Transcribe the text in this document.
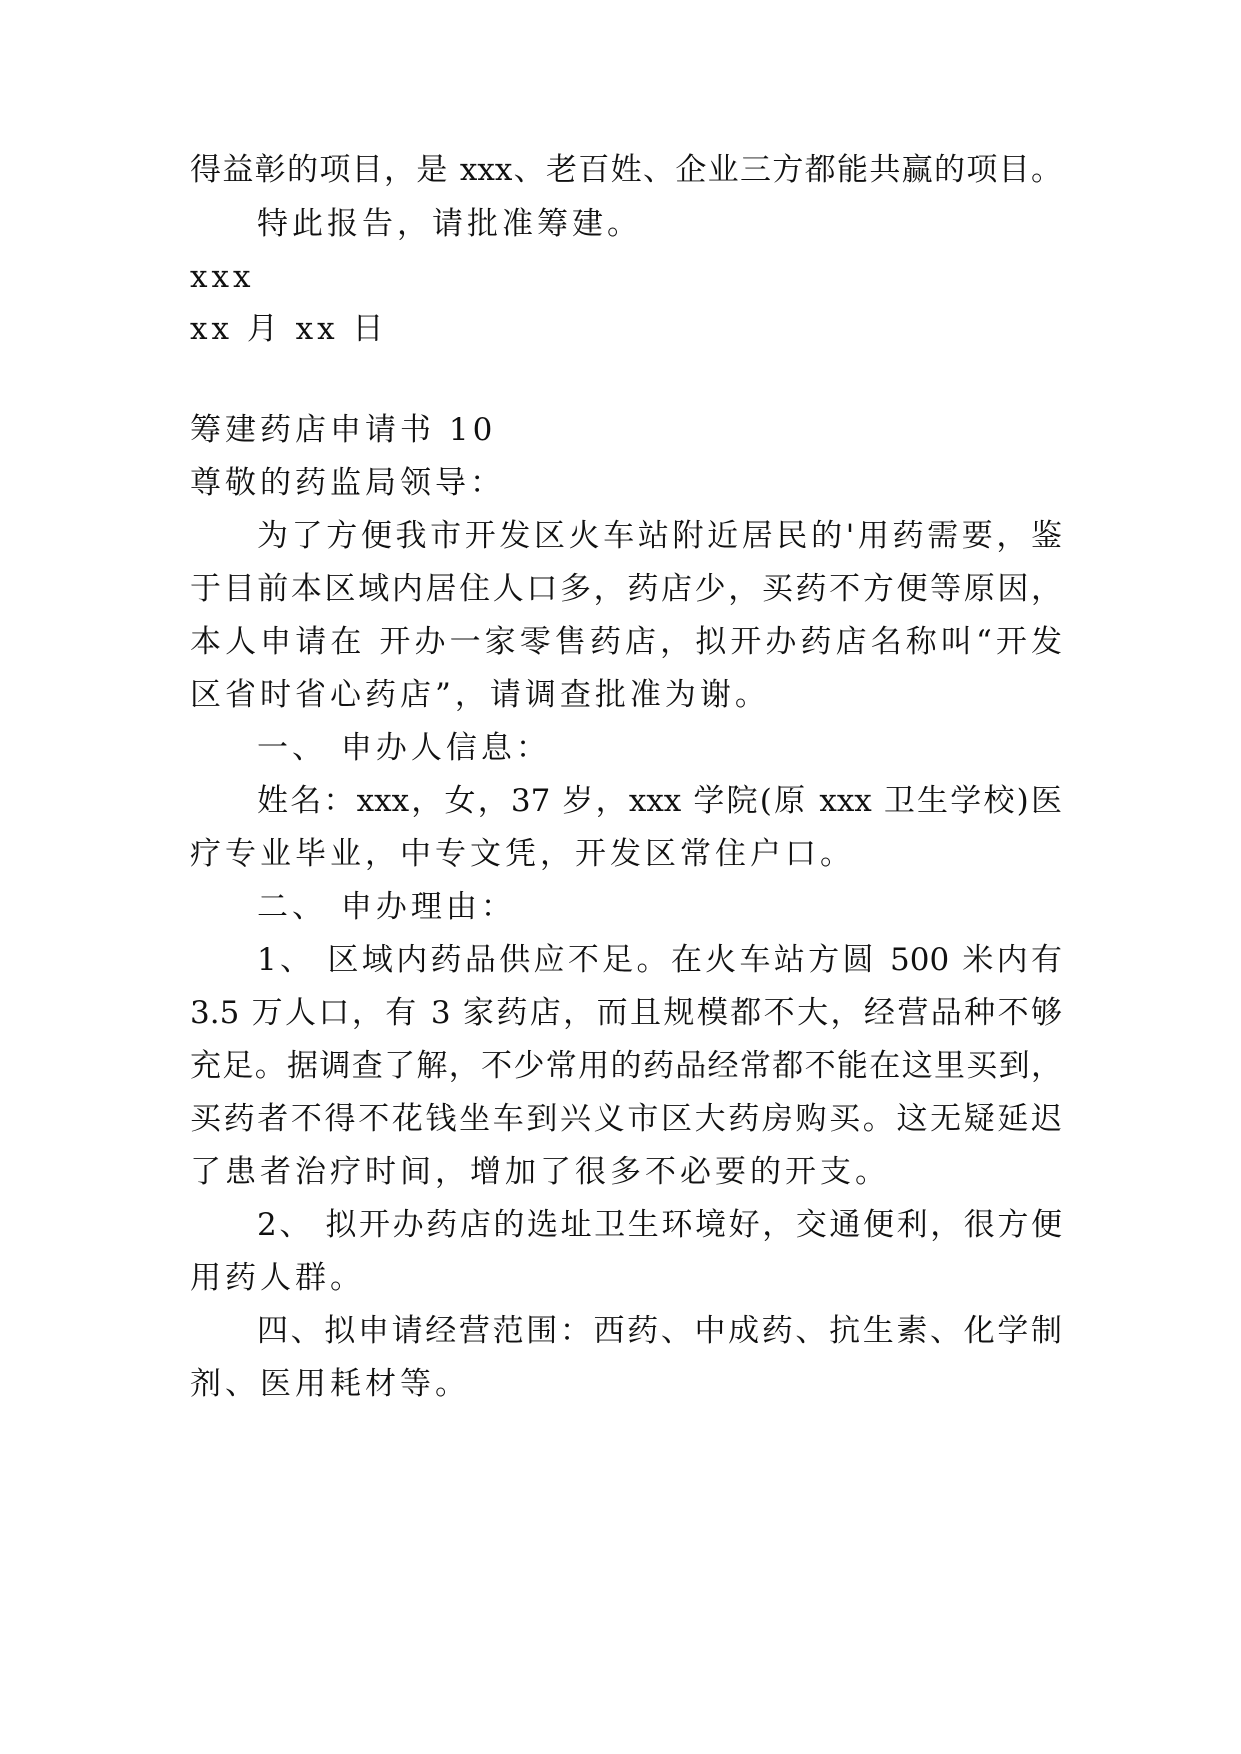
得益彰的项目，是 xxx、老百姓、企业三方都能共赢的项目。
特此报告，请批准筹建。
xxx
xx 月 xx 日
筹建药店申请书 10
尊敬的药监局领导：
为了方便我市开发区火车站附近居民的'用药需要，鉴
于目前本区域内居住人口多，药店少，买药不方便等原因，
本人申请在 开办一家零售药店，拟开办药店名称叫“开发
区省时省心药店”，请调查批准为谢。
一、 申办人信息：
姓名：xxx，女，37 岁，xxx 学院(原 xxx 卫生学校)医
疗专业毕业，中专文凭，开发区常住户口。
二、 申办理由：
1、 区域内药品供应不足。在火车站方圆 500 米内有
3.5 万人口，有 3 家药店，而且规模都不大，经营品种不够
充足。据调查了解，不少常用的药品经常都不能在这里买到，
买药者不得不花钱坐车到兴义市区大药房购买。这无疑延迟
了患者治疗时间，增加了很多不必要的开支。
2、 拟开办药店的选址卫生环境好，交通便利，很方便
用药人群。
四、拟申请经营范围：西药、中成药、抗生素、化学制
剂、医用耗材等。
